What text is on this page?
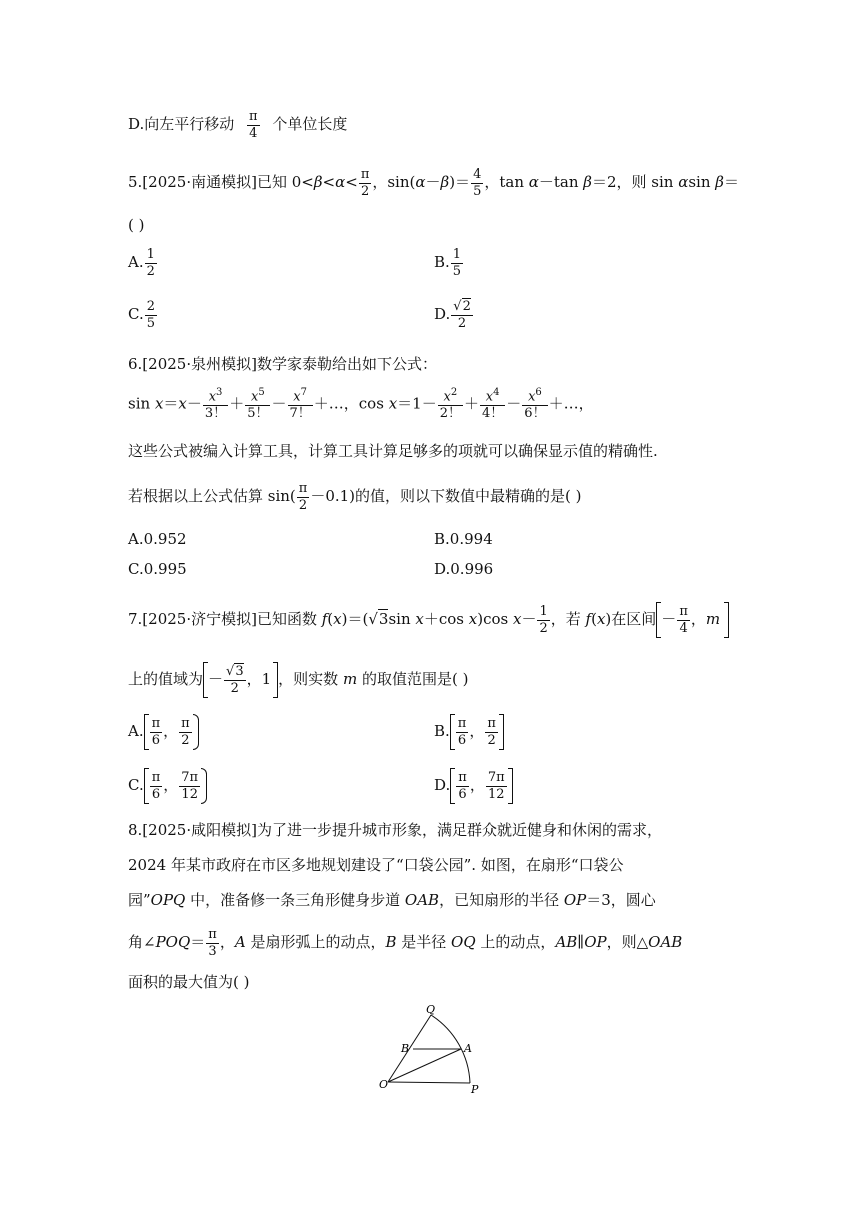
D.向左平行移动 $\frac{\pi}{4}$ 个单位长度
5.[2025·南通模拟]已知 $0<\beta<\alpha< \frac{\pi}{2}$ ，$\sin(\alpha-\beta)= \frac{4}{5}$ ，tan α－tan β＝2，则 sin αsin β＝
( )
A. $\frac{1}{2}$	B. $\frac{1}{5}$
C. $\frac{2}{5}$	D. $\frac{√2}{2}$
6.[2025·泉州模拟]数学家泰勒给出如下公式：
$\sin x=x- \frac{x^3}{3!} + \frac{x^5}{5!} - \frac{x^7}{7!}$ ＋…，$\cos x=1- \frac{x^2}{2!} + \frac{x^4}{4!} - \frac{x^6}{6!}$ ＋…，
这些公式被编入计算工具，计算工具计算足够多的项就可以确保显示值的精确性.
若根据以上公式估算 $\sin( \frac{\pi}{2} -0.1)$的值，则以下数值中最精确的是( )
A.0.952	B.0.994
C.0.995	D.0.996
7.[2025·济宁模拟]已知函数 f(x)＝(√3sin x＋cos x)cos $x- \frac{1}{2}$ ，若 f(x)在区间 － $\frac{\pi}{4}$ ，m
上的值域为 － $\frac{√3}{2}$ ，1 ，则实数 m 的取值范围是( )
A. $\frac{\pi}{6}$ ， $\frac{\pi}{2}$	B. $\frac{\pi}{6}$ ， $\frac{\pi}{2}$
C. $\frac{\pi}{6}$ ， $\frac{7\pi}{12}$	D. $\frac{\pi}{6}$ ， $\frac{7\pi}{12}$
8.[2025·咸阳模拟]为了进一步提升城市形象，满足群众就近健身和休闲的需求，
2024 年某市政府在市区多地规划建设了“口袋公园”. 如图，在扇形“口袋公
园”OPQ 中，准备修一条三角形健身步道 OAB，已知扇形的半径 OP＝3，圆心
角∠POQ＝ $\frac{\pi}{3}$ ，A 是扇形弧上的动点，B 是半径 OQ 上的动点，AB∥OP，则△OAB
面积的最大值为( )
Q
B	A
O	P
